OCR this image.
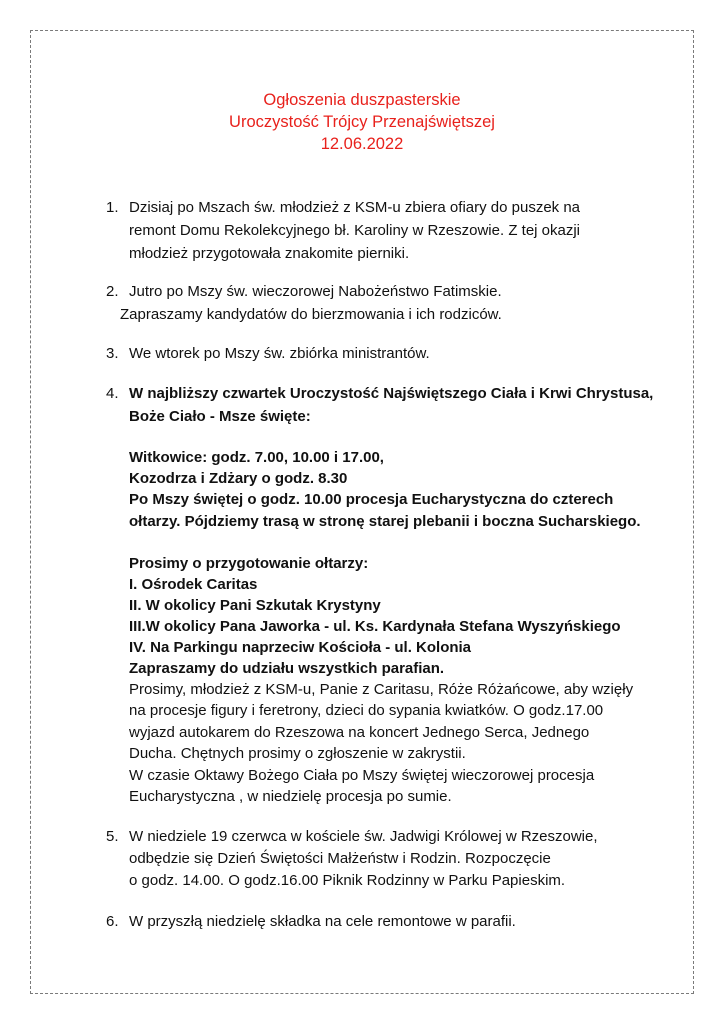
Ogłoszenia duszpasterskie
Uroczystość Trójcy Przenajświętszej
12.06.2022
1. Dzisiaj po Mszach św. młodzież z KSM-u zbiera ofiary do puszek na
remont Domu Rekolekcyjnego bł. Karoliny w Rzeszowie. Z tej okazji
młodzież przygotowała znakomite pierniki.
2. Jutro po Mszy św. wieczorowej Nabożeństwo Fatimskie.
Zapraszamy kandydatów do bierzmowania i ich rodziców.
3. We wtorek po Mszy św. zbiórka ministrantów.
4. W najbliższy czwartek Uroczystość Najświętszego Ciała i Krwi Chrystusa,
Boże Ciało - Msze święte:
Witkowice: godz. 7.00, 10.00 i 17.00,
Kozodrza i Zdżary o godz. 8.30
Po Mszy świętej o godz. 10.00 procesja Eucharystyczna do czterech
ołtarzy. Pójdziemy trasą w stronę starej plebanii i boczna Sucharskiego.
Prosimy o przygotowanie ołtarzy:
I. Ośrodek Caritas
II. W okolicy Pani Szkutak Krystyny
III.W okolicy Pana Jaworka - ul. Ks. Kardynała Stefana Wyszyńskiego
IV. Na Parkingu naprzeciw Kościoła - ul. Kolonia
Zapraszamy do udziału wszystkich parafian.
Prosimy, młodzież z KSM-u, Panie z Caritasu, Róże Różańcowe, aby wzięły
na procesje figury i feretrony, dzieci do sypania kwiatków. O godz.17.00
wyjazd autokarem do Rzeszowa na koncert Jednego Serca, Jednego
Ducha. Chętnych prosimy o zgłoszenie w zakrystii.
W czasie Oktawy Bożego Ciała po Mszy świętej wieczorowej procesja
Eucharystyczna , w niedzielę procesja po sumie.
5. W niedziele 19 czerwca w kościele św. Jadwigi Królowej w Rzeszowie,
odbędzie się Dzień Świętości Małżeństw i Rodzin. Rozpoczęcie
o godz. 14.00. O godz.16.00 Piknik Rodzinny w Parku Papieskim.
6. W przyszłą niedzielę składka na cele remontowe w parafii.
